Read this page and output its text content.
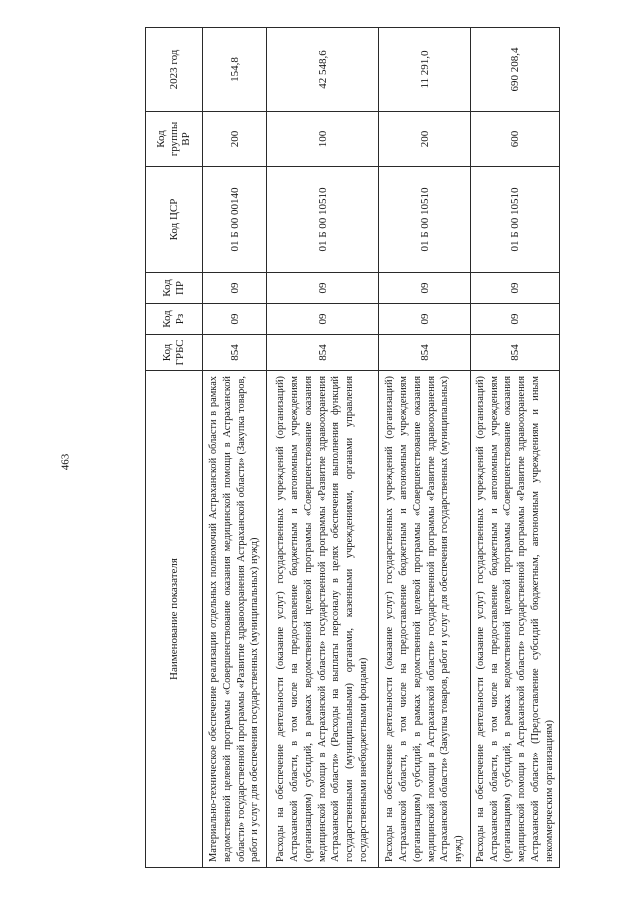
463
Наименование показателя	Код ГРБС	Код Рз	Код ПР	Код ЦСР	Код группы ВР	2023 год
Материально-техническое обеспечение реализации отдельных полномочий Астраханской области в рамках ведомственной целевой программы «Совершенствование оказания медицинской помощи в Астраханской области» государственной программы «Развитие здравоохранения Астраханской области» (Закупка товаров, работ и услуг для обеспечения государственных (муниципальных) нужд)	854	09	09	01 Б 00 00140	200	154,8
Расходы на обеспечение деятельности (оказание услуг) государственных учреждений (организаций) Астраханской области, в том числе на предоставление бюджетным и автономным учреждениям (организациям) субсидий, в рамках ведомственной целевой программы «Совершенствование оказания медицинской помощи в Астраханской области» государственной программы «Развитие здравоохранения Астраханской области» (Расходы на выплаты персоналу в целях обеспечения выполнения функций государственными (муниципальными) органами, казенными учреждениями, органами управления государственными внебюджетными фондами)	854	09	09	01 Б 00 10510	100	42 548,6
Расходы на обеспечение деятельности (оказание услуг) государственных учреждений (организаций) Астраханской области, в том числе на предоставление бюджетным и автономным учреждениям (организациям) субсидий, в рамках ведомственной целевой программы «Совершенствование оказания медицинской помощи в Астраханской области» государственной программы «Развитие здравоохранения Астраханской области» (Закупка товаров, работ и услуг для обеспечения государственных (муниципальных) нужд)	854	09	09	01 Б 00 10510	200	11 291,0
Расходы на обеспечение деятельности (оказание услуг) государственных учреждений (организаций) Астраханской области, в том числе на предоставление бюджетным и автономным учреждениям (организациям) субсидий, в рамках ведомственной целевой программы «Совершенствование оказания медицинской помощи в Астраханской области» государственной программы «Развитие здравоохранения Астраханской области» (Предоставление субсидий бюджетным, автономным учреждениям и иным некоммерческим организациям)	854	09	09	01 Б 00 10510	600	690 208,4
